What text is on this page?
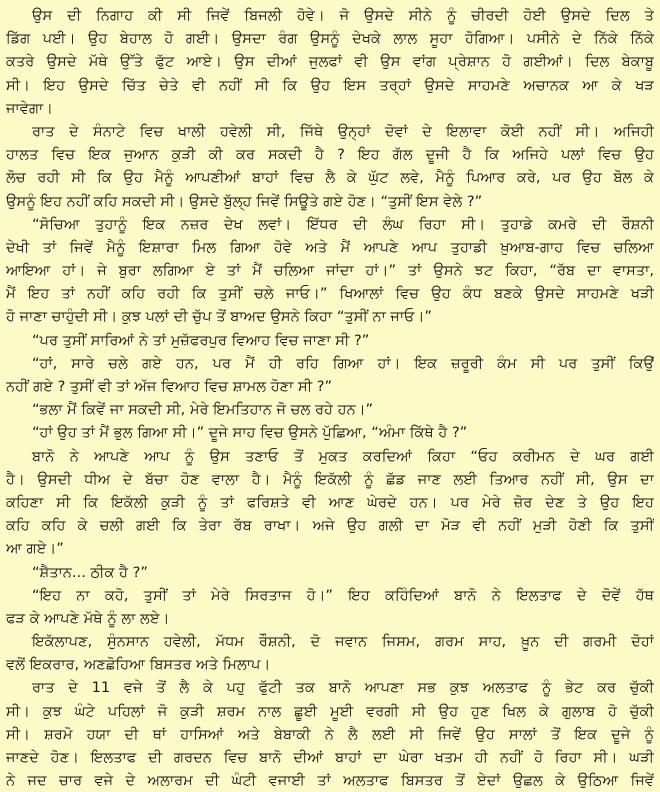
ਉਸ ਦੀ ਨਿਗਾਹ ਕੀ ਸੀ ਜਿਵੇਂ ਬਿਜਲੀ ਹੋਵੇ। ਜੋ ਉਸਦੇ ਸੀਨੇ ਨੂੰ ਚੀਰਦੀ ਹੋਈ ਉਸਦੇ ਦਿਲ ਤੇ
ਡਿੱਗ ਪਈ। ਉਹ ਬੇਹਾਲ ਹੋ ਗਈ। ਉਸਦਾ ਰੰਗ ਉਸਨੂੰ ਦੇਖਕੇ ਲਾਲ ਸੂਹਾ ਹੋਗਿਆ। ਪਸੀਨੇ ਦੇ ਨਿੱਕੇ ਨਿੱਕੇ
ਕਤਰੇ ਉਸਦੇ ਮੱਥੇ ਉੱਤੇ ਫੁੱਟ ਆਏ। ਉਸ ਦੀਆਂ ਜੁਲਫਾਂ ਵੀ ਉਸ ਵਾਂਗ ਪ੍ਰੇਸ਼ਾਨ ਹੋ ਗਈਆਂ। ਦਿਲ ਬੇਕਾਬੂ
ਸੀ। ਇਹ ਉਸਦੇ ਚਿੱਤ ਚੇਤੇ ਵੀ ਨਹੀਂ ਸੀ ਕਿ ਉਹ ਇਸ ਤਰ੍ਹਾਂ ਉਸਦੇ ਸਾਹਮਣੇ ਅਚਾਨਕ ਆ ਕੇ ਖੜ
ਜਾਵੇਗਾ।
ਰਾਤ ਦੇ ਸੰਨਾਟੇ ਵਿਚ ਖਾਲੀ ਹਵੇਲੀ ਸੀ, ਜਿੱਥੇ ਉਨ੍ਹਾਂ ਦੋਵਾਂ ਦੇ ਇਲਾਵਾ ਕੋਈ ਨਹੀਂ ਸੀ। ਅਜਿਹੀ
ਹਾਲਤ ਵਿਚ ਇਕ ਜੁਆਨ ਕੁੜੀ ਕੀ ਕਰ ਸਕਦੀ ਹੈ ? ਇਹ ਗੱਲ ਦੂਜੀ ਹੈ ਕਿ ਅਜਿਹੇ ਪਲਾਂ ਵਿਚ ਉਹ
ਲੋਚ ਰਹੀ ਸੀ ਕਿ ਉਹ ਮੈਨੂੰ ਆਪਣੀਆਂ ਬਾਹਾਂ ਵਿਚ ਲੈ ਕੇ ਘੁੱਟ ਲਵੇ, ਮੈਨੂੰ ਪਿਆਰ ਕਰੇ, ਪਰ ਉਹ ਬੋਲ ਕੇ
ਉਸਨੂੰ ਇਹ ਨਹੀਂ ਕਹਿ ਸਕਦੀ ਸੀ। ਉਸਦੇ ਬੁੱਲ੍ਹ ਜਿਵੇਂ ਸਿਊਤੇ ਗਏ ਹੋਣ। “ਤੁਸੀਂ ਇਸ ਵੇਲੇ ?”
“ਸੋਚਿਆ ਤੁਹਾਨੂੰ ਇਕ ਨਜ਼ਰ ਦੇਖ ਲਵਾਂ। ਇੱਧਰ ਦੀ ਲੰਘ ਰਿਹਾ ਸੀ। ਤੁਹਾਡੇ ਕਮਰੇ ਦੀ ਰੌਸ਼ਨੀ
ਦੇਖੀ ਤਾਂ ਜਿਵੇਂ ਮੈਨੂੰ ਇਸ਼ਾਰਾ ਮਿਲ ਗਿਆ ਹੋਵੇ ਅਤੇ ਮੈਂ ਆਪਣੇ ਆਪ ਤੁਹਾਡੀ ਖ਼ੁਆਬ-ਗਾਹ ਵਿਚ ਚਲਿਆ
ਆਇਆ ਹਾਂ। ਜੇ ਬੁਰਾ ਲਗਿਆ ਏ ਤਾਂ ਮੈਂ ਚਲਿਆ ਜਾਂਦਾ ਹਾਂ।” ਤਾਂ ਉਸਨੇ ਝਟ ਕਿਹਾ, “ਰੱਬ ਦਾ ਵਾਸਤਾ,
ਮੈਂ ਇਹ ਤਾਂ ਨਹੀਂ ਕਹਿ ਰਹੀ ਕਿ ਤੁਸੀਂ ਚਲੇ ਜਾਓ।” ਖਿਆਲਾਂ ਵਿਚ ਉਹ ਕੰਧ ਬਣਕੇ ਉਸਦੇ ਸਾਹਮਣੇ ਖੜੀ
ਹੋ ਜਾਣਾ ਚਾਹੁੰਦੀ ਸੀ। ਕੁਝ ਪਲਾਂ ਦੀ ਚੁੱਪ ਤੋਂ ਬਾਅਦ ਉਸਨੇ ਕਿਹਾ “ਤੁਸੀਂ ਨਾ ਜਾਓ।”
“ਪਰ ਤੁਸੀਂ ਸਾਰਿਆਂ ਨੇ ਤਾਂ ਮੁਜ਼ੱਫਰਪੁਰ ਵਿਆਹ ਵਿਚ ਜਾਣਾ ਸੀ ?”
“ਹਾਂ, ਸਾਰੇ ਚਲੇ ਗਏ ਹਨ, ਪਰ ਮੈਂ ਹੀ ਰਹਿ ਗਿਆ ਹਾਂ। ਇਕ ਜ਼ਰੂਰੀ ਕੰਮ ਸੀ ਪਰ ਤੁਸੀਂ ਕਿਉਂ
ਨਹੀਂ ਗਏ ? ਤੁਸੀਂ ਵੀ ਤਾਂ ਅੱਜ ਵਿਆਹ ਵਿਚ ਸ਼ਾਮਲ ਹੋਣਾ ਸੀ ?”
“ਭਲਾ ਮੈਂ ਕਿਵੇਂ ਜਾ ਸਕਦੀ ਸੀ, ਮੇਰੇ ਇਮਤਿਹਾਨ ਜੋ ਚਲ ਰਹੇ ਹਨ।”
“ਹਾਂ ਉਹ ਤਾਂ ਮੈਂ ਭੁਲ ਗਿਆ ਸੀ।” ਦੂਜੇ ਸਾਹ ਵਿਚ ਉਸਨੇ ਪੁੱਛਿਆ, “ਅੰਮਾ ਕਿੱਥੇ ਹੈ ?”
ਬਾਨੋ ਨੇ ਆਪਣੇ ਆਪ ਨੂੰ ਉਸ ਤਣਾਓ ਤੋਂ ਮੁਕਤ ਕਰਦਿਆਂ ਕਿਹਾ “ਓਹ ਕਰੀਮਨ ਦੇ ਘਰ ਗਈ
ਹੈ। ਉਸਦੀ ਧੀਅ ਦੇ ਬੱਚਾ ਹੋਣ ਵਾਲਾ ਹੈ। ਮੈਨੂੰ ਇਕੱਲੀ ਨੂੰ ਛੱਡ ਜਾਣ ਲਈ ਤਿਆਰ ਨਹੀਂ ਸੀ, ਉਸ ਦਾ
ਕਹਿਣਾ ਸੀ ਕਿ ਇਕੱਲੀ ਕੁੜੀ ਨੂੰ ਤਾਂ ਫਰਿਸ਼ਤੇ ਵੀ ਆਣ ਘੇਰਦੇ ਹਨ। ਪਰ ਮੇਰੇ ਜ਼ੋਰ ਦੇਣ ਤੇ ਉਹ ਇਹ
ਕਹਿ ਕਹਿ ਕੇ ਚਲੀ ਗਈ ਕਿ ਤੇਰਾ ਰੱਬ ਰਾਖਾ। ਅਜੇ ਉਹ ਗਲੀ ਦਾ ਮੋੜ ਵੀ ਨਹੀਂ ਮੁੜੀ ਹੋਣੀ ਕਿ ਤੁਸੀਂ
ਆ ਗਏ।”
“ਸ਼ੈਤਾਨ... ਠੀਕ ਹੈ ?”
“ਇਹ ਨਾ ਕਹੋ, ਤੁਸੀਂ ਤਾਂ ਮੇਰੇ ਸਿਰਤਾਜ ਹੋ।” ਇਹ ਕਹਿੰਦਿਆਂ ਬਾਨੋ ਨੇ ਇਲਤਾਫ ਦੇ ਦੋਵੇਂ ਹੱਥ
ਫੜ ਕੇ ਆਪਣੇ ਮੱਥੇ ਨੂੰ ਲਾ ਲਏ।
ਇਕੱਲਾਪਣ, ਸੁੰਨਸਾਨ ਹਵੇਲੀ, ਮੱਧਮ ਰੌਸ਼ਨੀ, ਦੋ ਜਵਾਨ ਜਿਸਮ, ਗਰਮ ਸਾਹ, ਖ਼ੂਨ ਦੀ ਗਰਮੀ ਦੋਹਾਂ
ਵਲੋਂ ਇਕਰਾਰ, ਅਣਛੋਹਿਆ ਬਿਸਤਰ ਅਤੇ ਮਿਲਾਪ।
ਰਾਤ ਦੇ 11 ਵਜੇ ਤੋਂ ਲੈ ਕੇ ਪਹੁ ਫੁੱਟੀ ਤਕ ਬਾਨੋ ਆਪਣਾ ਸਭ ਕੁਝ ਅਲਤਾਫ ਨੂੰ ਭੇਟ ਕਰ ਚੁੱਕੀ
ਸੀ। ਕੁਝ ਘੰਟੇ ਪਹਿਲਾਂ ਜੋ ਕੁੜੀ ਸ਼ਰਮ ਨਾਲ ਛੂਈ ਮੂਈ ਵਰਗੀ ਸੀ ਉਹ ਹੁਣ ਖਿਲ ਕੇ ਗੁਲਾਬ ਹੋ ਚੁੱਕੀ
ਸੀ। ਸ਼ਰਮੋ ਹਯਾ ਦੀ ਥਾਂ ਹਾਸਿਆਂ ਅਤੇ ਬੇਬਾਕੀ ਨੇ ਲੈ ਲਈ ਸੀ ਜਿਵੇਂ ਉਹ ਸਾਲਾਂ ਤੋਂ ਇਕ ਦੂਜੇ ਨੂੰ
ਜਾਣਦੇ ਹੋਣ। ਇਲਤਾਫ ਦੀ ਗਰਦਨ ਵਿਚ ਬਾਨੋ ਦੀਆਂ ਬਾਹਾਂ ਦਾ ਘੇਰਾ ਖਤਮ ਹੀ ਨਹੀਂ ਹੋ ਰਿਹਾ ਸੀ। ਘੜੀ
ਨੇ ਜਦ ਚਾਰ ਵਜੇ ਦੇ ਅਲਾਰਮ ਦੀ ਘੰਟੀ ਵਜਾਈ ਤਾਂ ਅਲਤਾਫ ਬਿਸਤਰ ਤੋਂ ਏਦਾਂ ਉਛਲ ਕੇ ਉਠਿਆ ਜਿਵੇਂ
